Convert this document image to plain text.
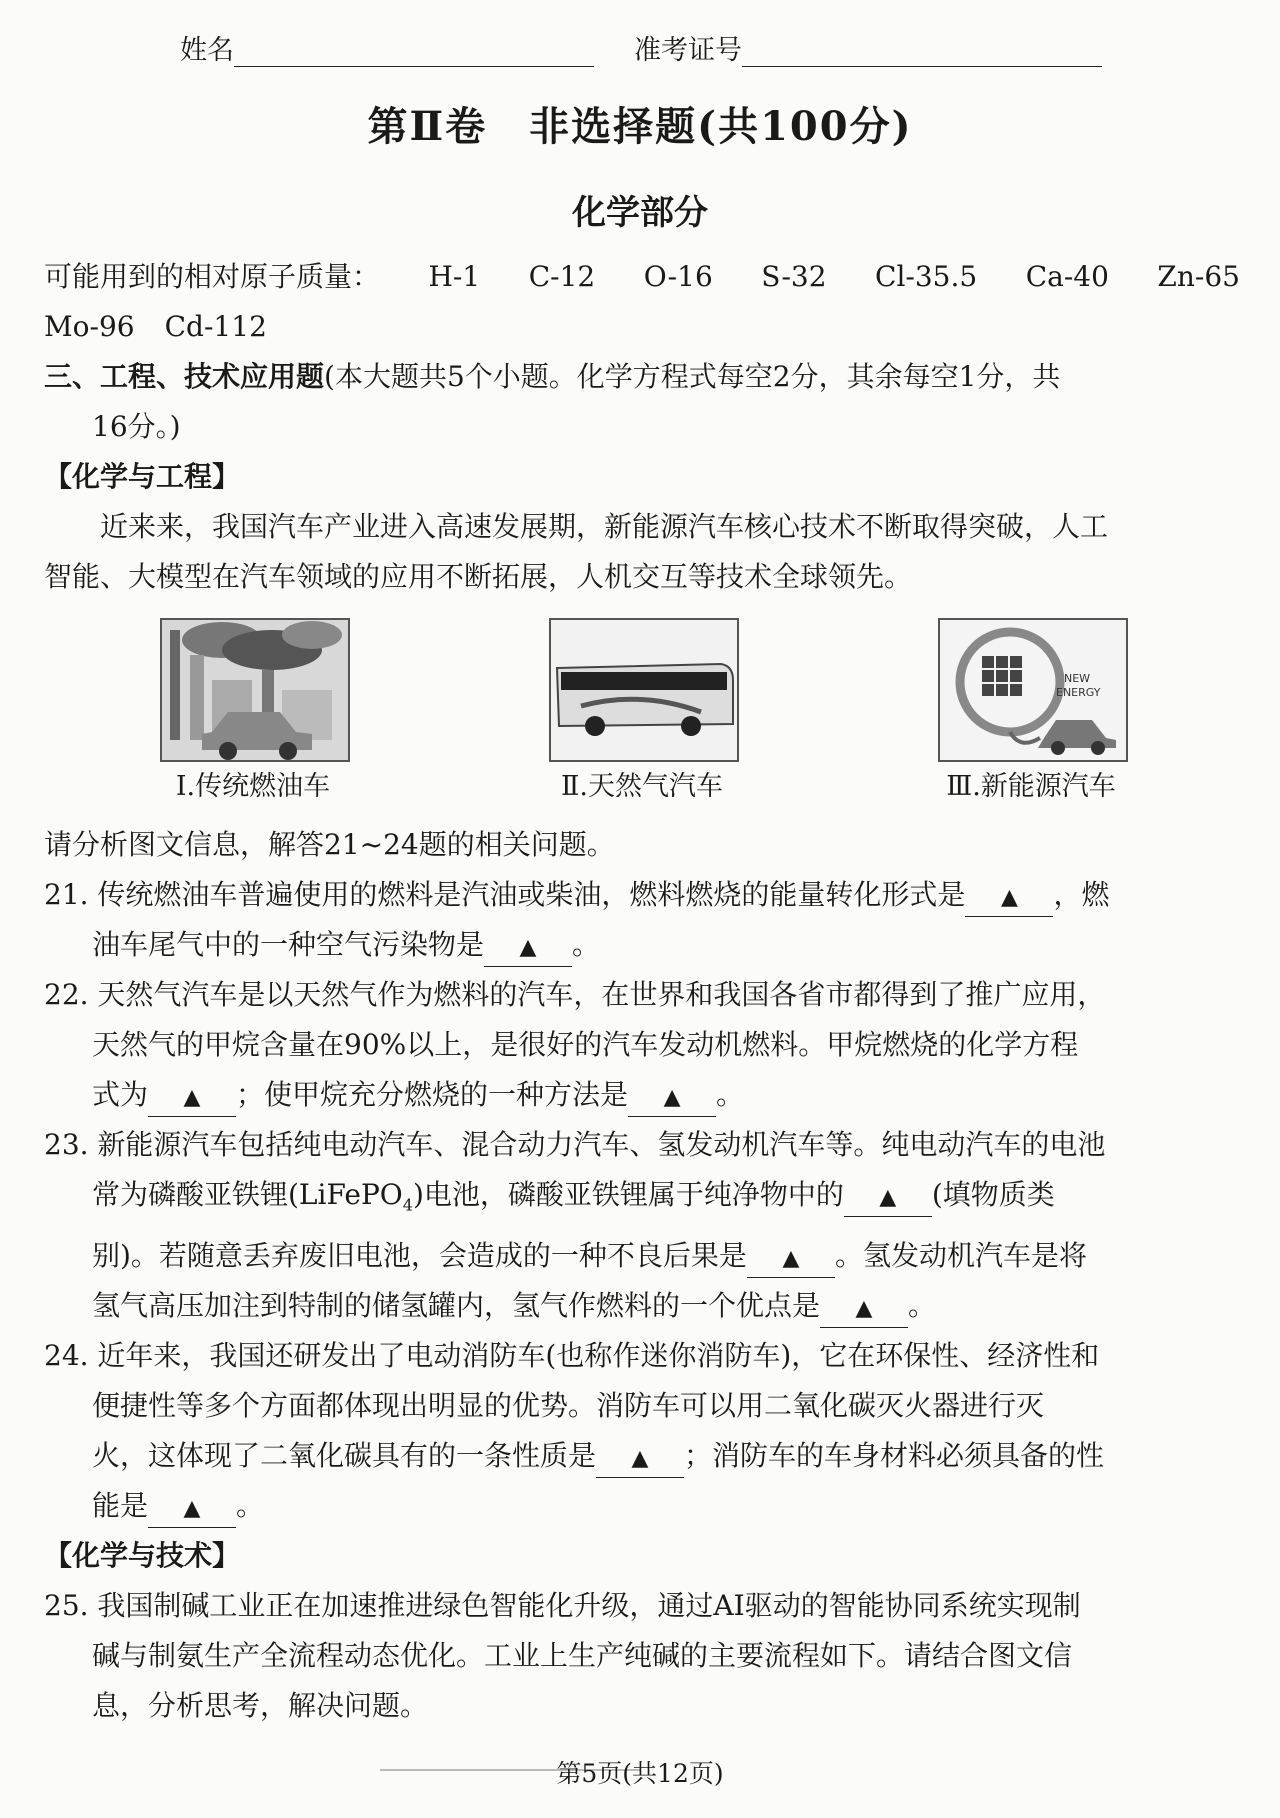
姓名	准考证号
第Ⅱ卷　非选择题(共100分)
化学部分
可能用到的相对原子质量： H-1 C-12 O-16 S-32 Cl-35.5 Ca-40 Zn-65
Mo-96 Cd-112
三、工程、技术应用题(本大题共5个小题。化学方程式每空2分，其余每空1分，共
16分。)
【化学与工程】
近来来，我国汽车产业进入高速发展期，新能源汽车核心技术不断取得突破，人工
智能、大模型在汽车领域的应用不断拓展，人机交互等技术全球领先。
Ⅰ.传统燃油车	Ⅱ.天然气汽车
NEW
ENERGY
Ⅲ.新能源汽车
请分析图文信息，解答21~24题的相关问题。
21. 传统燃油车普遍使用的燃料是汽油或柴油，燃料燃烧的能量转化形式是 ▲ ，燃
油车尾气中的一种空气污染物是 ▲ 。
22. 天然气汽车是以天然气作为燃料的汽车，在世界和我国各省市都得到了推广应用，
天然气的甲烷含量在90%以上，是很好的汽车发动机燃料。甲烷燃烧的化学方程
式为 ▲ ；使甲烷充分燃烧的一种方法是 ▲ 。
23. 新能源汽车包括纯电动汽车、混合动力汽车、氢发动机汽车等。纯电动汽车的电池
常为磷酸亚铁锂(LiFePO$_4$)电池，磷酸亚铁锂属于纯净物中的 ▲ (填物质类
别)。若随意丢弃废旧电池，会造成的一种不良后果是 ▲ 。氢发动机汽车是将
氢气高压加注到特制的储氢罐内，氢气作燃料的一个优点是 ▲ 。
24. 近年来，我国还研发出了电动消防车(也称作迷你消防车)，它在环保性、经济性和
便捷性等多个方面都体现出明显的优势。消防车可以用二氧化碳灭火器进行灭
火，这体现了二氧化碳具有的一条性质是 ▲ ；消防车的车身材料必须具备的性
能是 ▲ 。
【化学与技术】
25. 我国制碱工业正在加速推进绿色智能化升级，通过AI驱动的智能协同系统实现制
碱与制氨生产全流程动态优化。工业上生产纯碱的主要流程如下。请结合图文信
息，分析思考，解决问题。
第5页(共12页)
